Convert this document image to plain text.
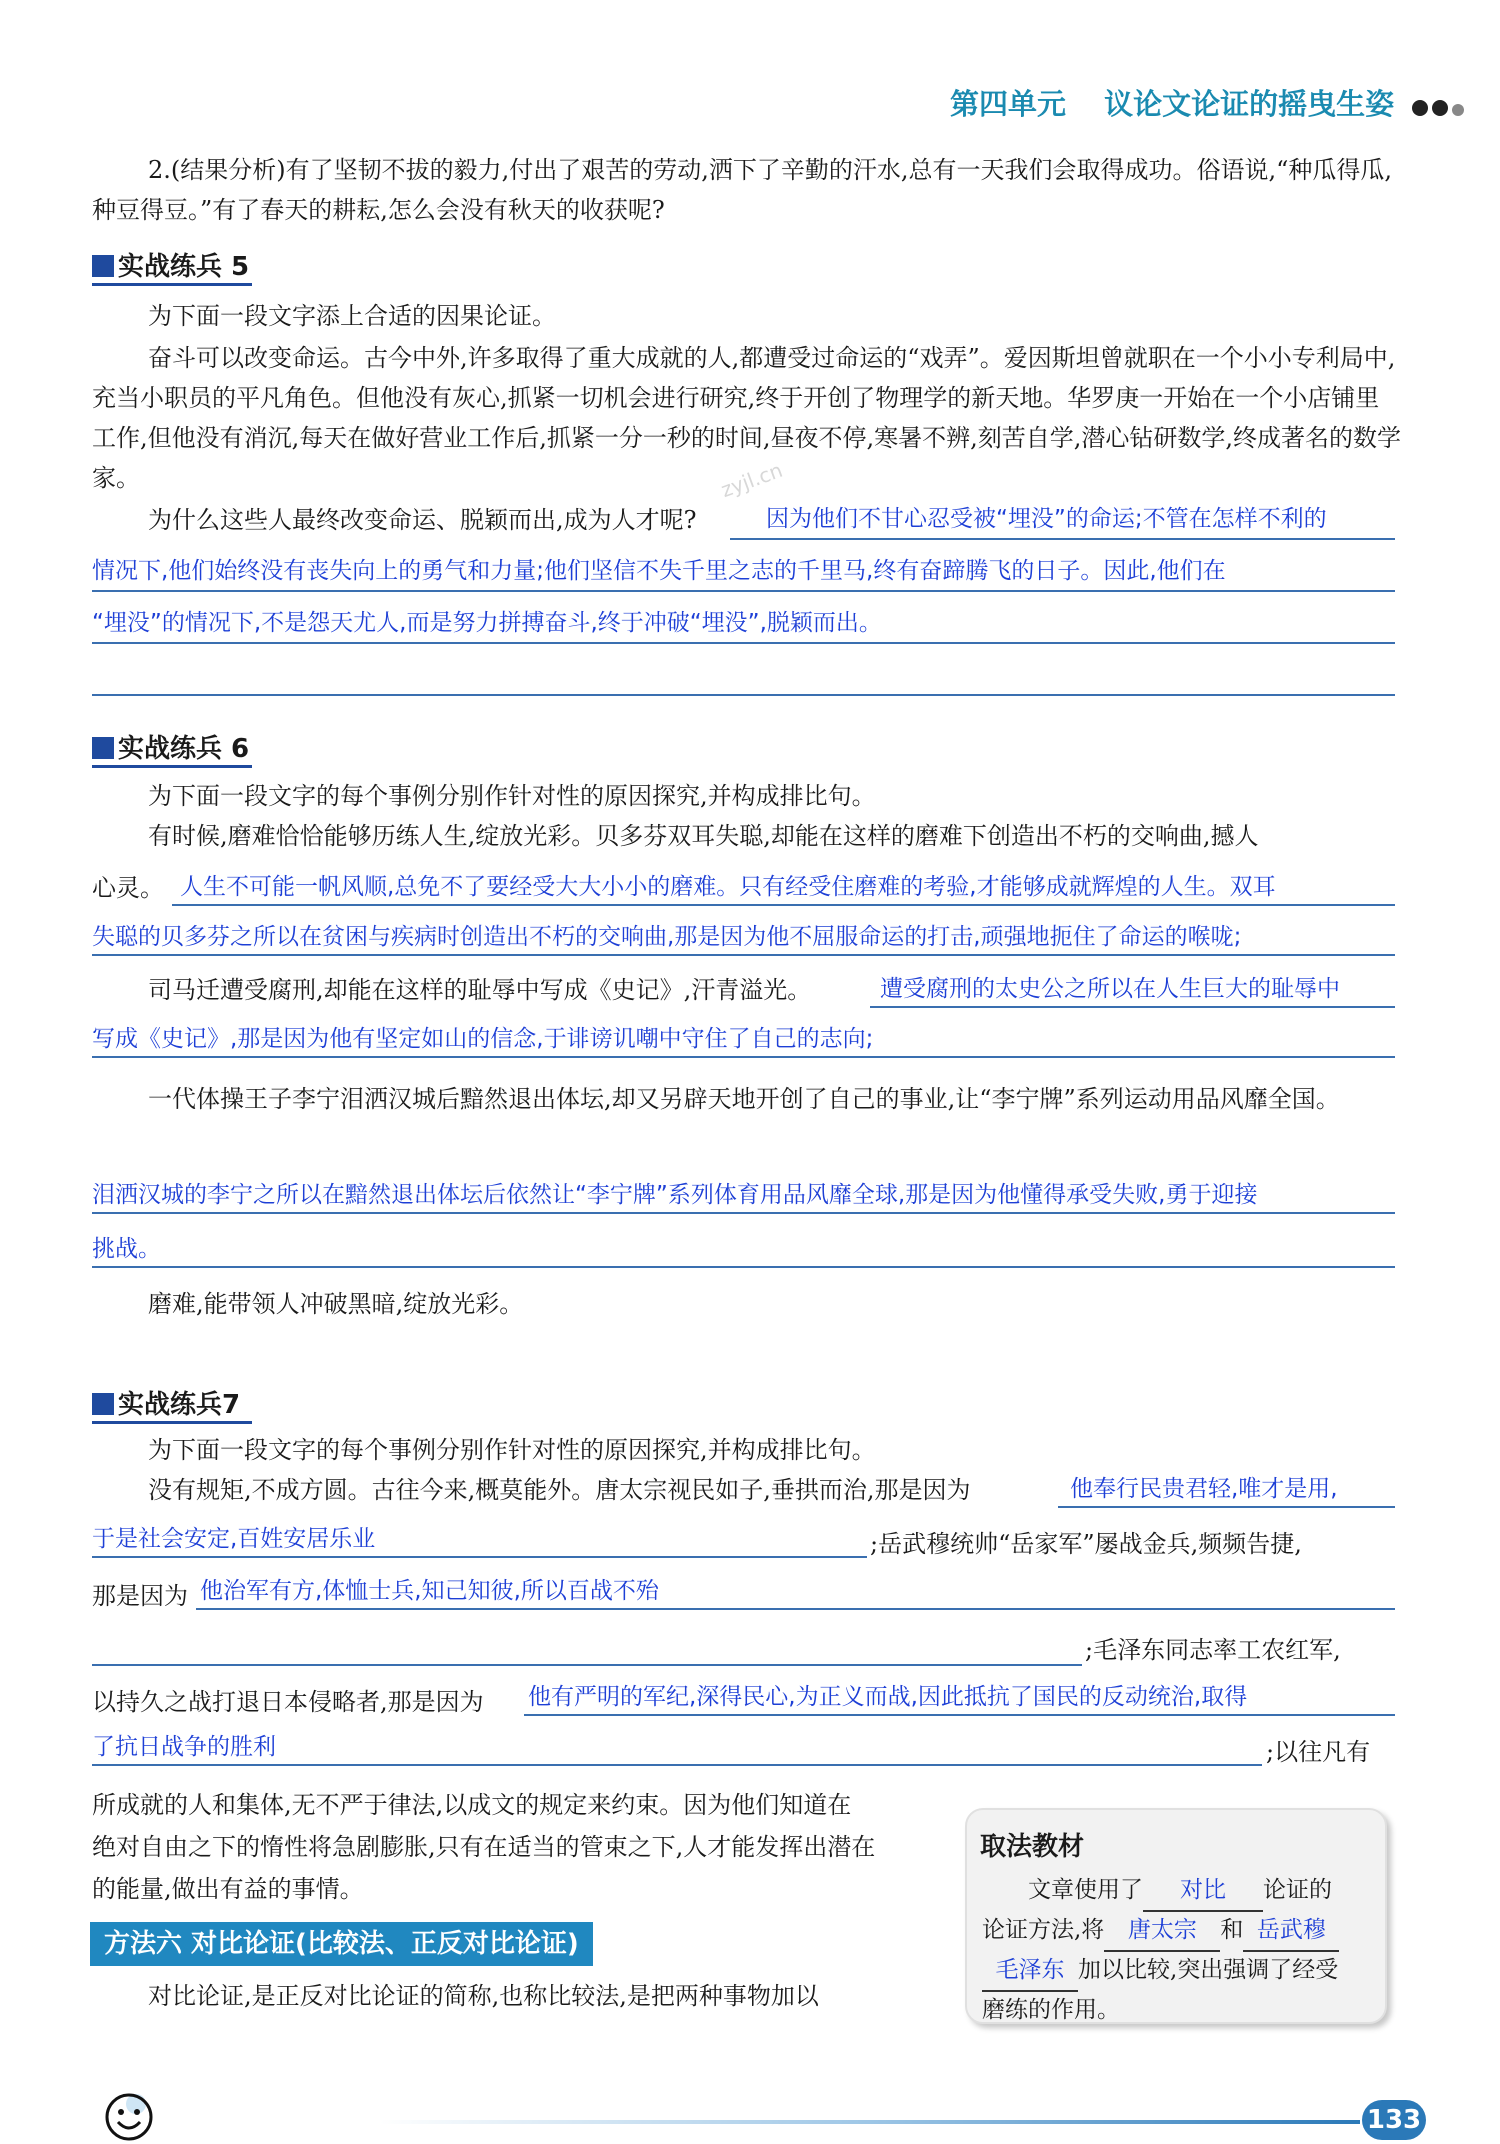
第四单元 议论文论证的摇曳生姿
zyjl.cn
2.(结果分析)有了坚韧不拔的毅力,付出了艰苦的劳动,洒下了辛勤的汗水,总有一天我们会取得成功。俗语说,“种瓜得瓜,种豆得豆。”有了春天的耕耘,怎么会没有秋天的收获呢?
实战练兵 5
为下面一段文字添上合适的因果论证。
奋斗可以改变命运。古今中外,许多取得了重大成就的人,都遭受过命运的“戏弄”。爱因斯坦曾就职在一个小小专利局中,充当小职员的平凡角色。但他没有灰心,抓紧一切机会进行研究,终于开创了物理学的新天地。华罗庚一开始在一个小店铺里工作,但他没有消沉,每天在做好营业工作后,抓紧一分一秒的时间,昼夜不停,寒暑不辨,刻苦自学,潜心钻研数学,终成著名的数学家。
为什么这些人最终改变命运、脱颖而出,成为人才呢?	因为他们不甘心忍受被“埋没”的命运;不管在怎样不利的
情况下,他们始终没有丧失向上的勇气和力量;他们坚信不失千里之志的千里马,终有奋蹄腾飞的日子。因此,他们在
“埋没”的情况下,不是怨天尤人,而是努力拼搏奋斗,终于冲破“埋没”,脱颖而出。
实战练兵 6
为下面一段文字的每个事例分别作针对性的原因探究,并构成排比句。
有时候,磨难恰恰能够历练人生,绽放光彩。贝多芬双耳失聪,却能在这样的磨难下创造出不朽的交响曲,撼人
心灵。 人生不可能一帆风顺,总免不了要经受大大小小的磨难。只有经受住磨难的考验,才能够成就辉煌的人生。双耳
失聪的贝多芬之所以在贫困与疾病时创造出不朽的交响曲,那是因为他不屈服命运的打击,顽强地扼住了命运的喉咙;
司马迁遭受腐刑,却能在这样的耻辱中写成《史记》,汗青溢光。	遭受腐刑的太史公之所以在人生巨大的耻辱中
写成《史记》,那是因为他有坚定如山的信念,于诽谤讥嘲中守住了自己的志向;
一代体操王子李宁泪洒汉城后黯然退出体坛,却又另辟天地开创了自己的事业,让“李宁牌”系列运动用品风靡全国。
泪洒汉城的李宁之所以在黯然退出体坛后依然让“李宁牌”系列体育用品风靡全球,那是因为他懂得承受失败,勇于迎接
挑战。
磨难,能带领人冲破黑暗,绽放光彩。
实战练兵7
为下面一段文字的每个事例分别作针对性的原因探究,并构成排比句。
没有规矩,不成方圆。古往今来,概莫能外。唐太宗视民如子,垂拱而治,那是因为	他奉行民贵君轻,唯才是用,
于是社会安定,百姓安居乐业	;岳武穆统帅“岳家军”屡战金兵,频频告捷,
那是因为 他治军有方,体恤士兵,知己知彼,所以百战不殆
;毛泽东同志率工农红军,
以持久之战打退日本侵略者,那是因为	他有严明的军纪,深得民心,为正义而战,因此抵抗了国民的反动统治,取得
了抗日战争的胜利	;以往凡有
所成就的人和集体,无不严于律法,以成文的规定来约束。因为他们知道在
绝对自由之下的惰性将急剧膨胀,只有在适当的管束之下,人才能发挥出潜在
的能量,做出有益的事情。
方法六 对比论证(比较法、正反对比论证)
对比论证,是正反对比论证的简称,也称比较法,是把两种事物加以
取法教材
文章使用了 对比 论证的
论证方法,将 唐太宗 和 岳武穆
毛泽东 加以比较,突出强调了经受
磨练的作用。
133
